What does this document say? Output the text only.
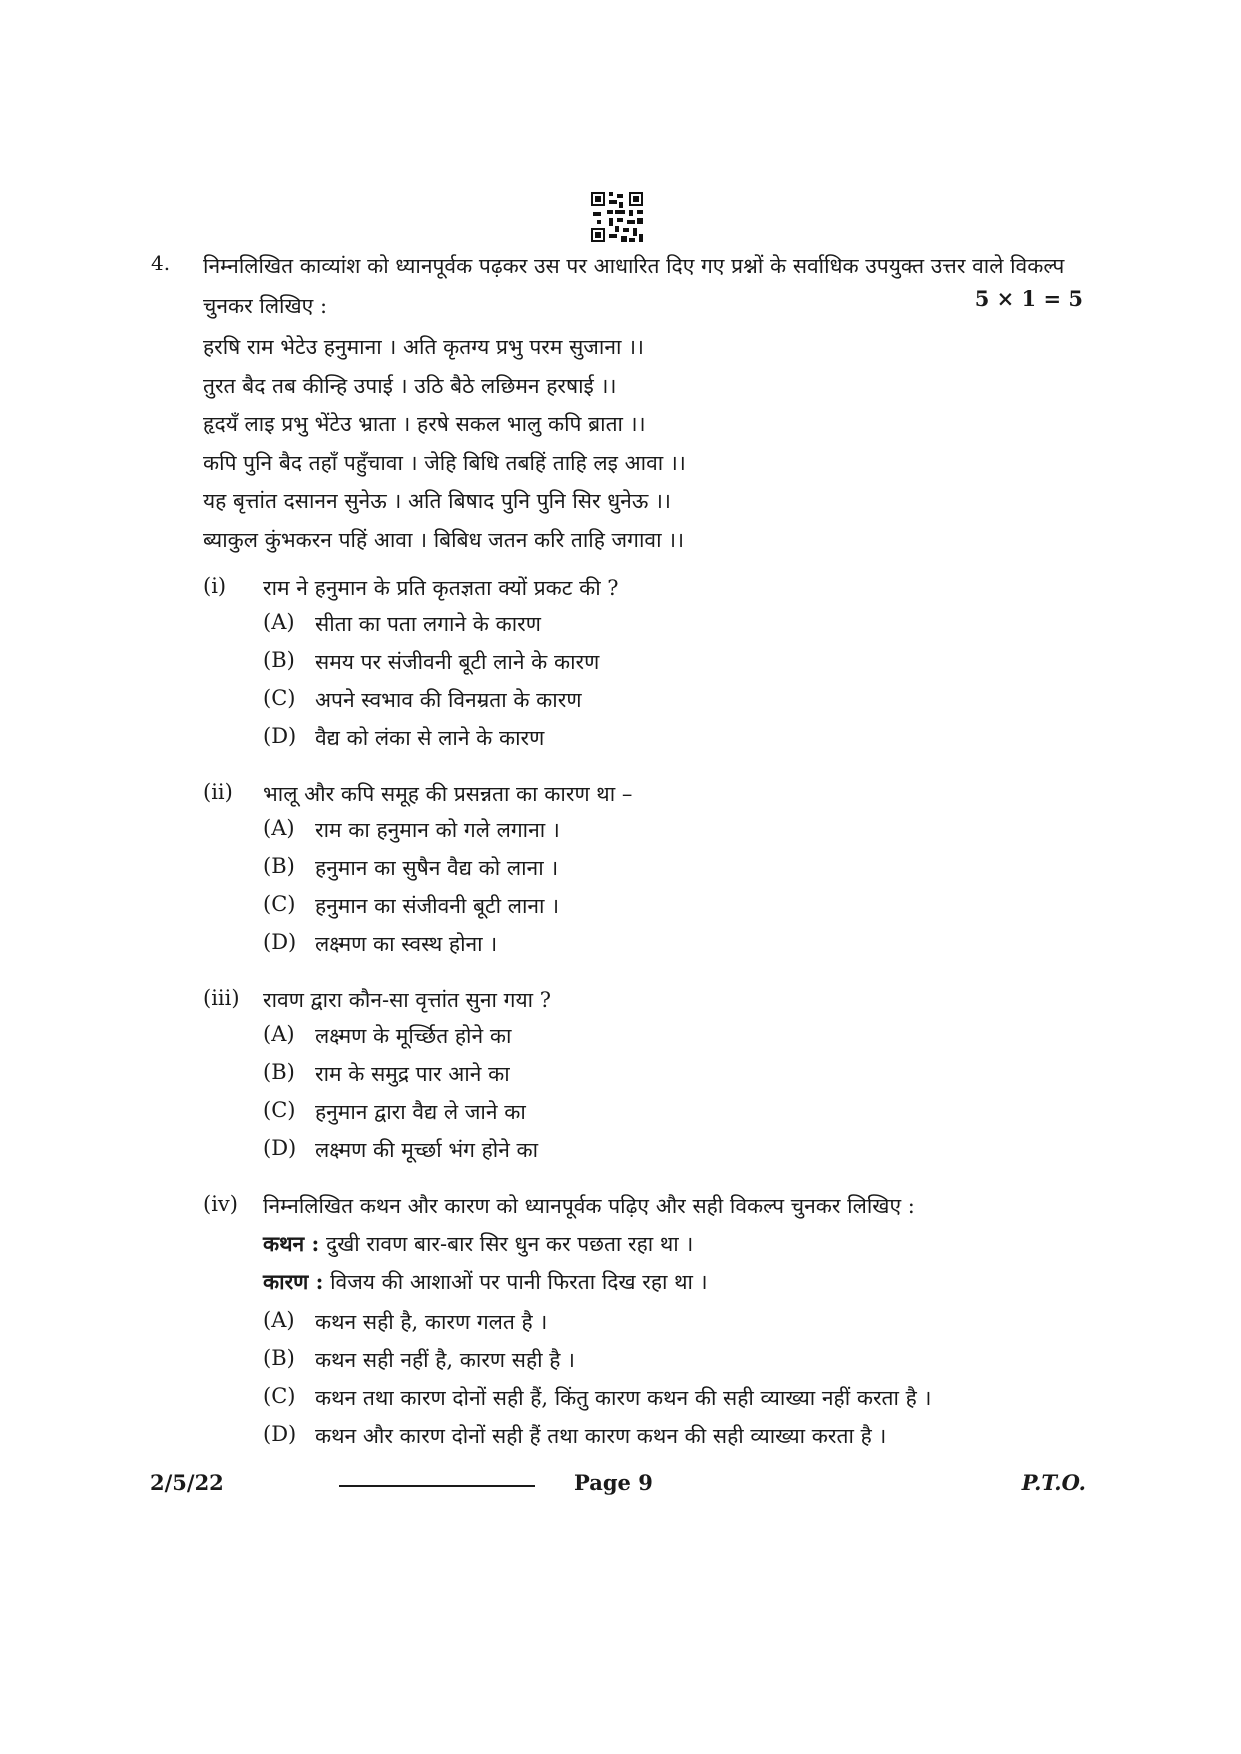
4. निम्नलिखित काव्यांश को ध्यानपूर्वक पढ़कर उस पर आधारित दिए गए प्रश्नों के सर्वाधिक उपयुक्त उत्तर वाले विकल्प चुनकर लिखिए :	5 × 1 = 5
हरषि राम भेटेउ हनुमाना । अति कृतग्य प्रभु परम सुजाना ।।
तुरत बैद तब कीन्हि उपाई । उठि बैठे लछिमन हरषाई ।।
हृदयँ लाइ प्रभु भेंटेउ भ्राता । हरषे सकल भालु कपि ब्राता ।।
कपि पुनि बैद तहाँ पहुँचावा । जेहि बिधि तबहिं ताहि लइ आवा ।।
यह बृत्तांत दसानन सुनेऊ । अति बिषाद पुनि पुनि सिर धुनेऊ ।।
ब्याकुल कुंभकरन पहिं आवा । बिबिध जतन करि ताहि जगावा ।।
(i)	राम ने हनुमान के प्रति कृतज्ञता क्यों प्रकट की ?
(A) सीता का पता लगाने के कारण
(B) समय पर संजीवनी बूटी लाने के कारण
(C) अपने स्वभाव की विनम्रता के कारण
(D) वैद्य को लंका से लाने के कारण
(ii)	भालू और कपि समूह की प्रसन्नता का कारण था –
(A) राम का हनुमान को गले लगाना ।
(B) हनुमान का सुषैन वैद्य को लाना ।
(C) हनुमान का संजीवनी बूटी लाना ।
(D) लक्ष्मण का स्वस्थ होना ।
(iii)	रावण द्वारा कौन-सा वृत्तांत सुना गया ?
(A) लक्ष्मण के मूर्च्छित होने का
(B) राम के समुद्र पार आने का
(C) हनुमान द्वारा वैद्य ले जाने का
(D) लक्ष्मण की मूर्च्छा भंग होने का
(iv)	निम्नलिखित कथन और कारण को ध्यानपूर्वक पढ़िए और सही विकल्प चुनकर लिखिए :
कथन : दुखी रावण बार-बार सिर धुन कर पछता रहा था ।
कारण : विजय की आशाओं पर पानी फिरता दिख रहा था ।
(A) कथन सही है, कारण गलत है ।
(B) कथन सही नहीं है, कारण सही है ।
(C) कथन तथा कारण दोनों सही हैं, किंतु कारण कथन की सही व्याख्या नहीं करता है ।
(D) कथन और कारण दोनों सही हैं तथा कारण कथन की सही व्याख्या करता है ।
2/5/22	Page 9	P.T.O.
